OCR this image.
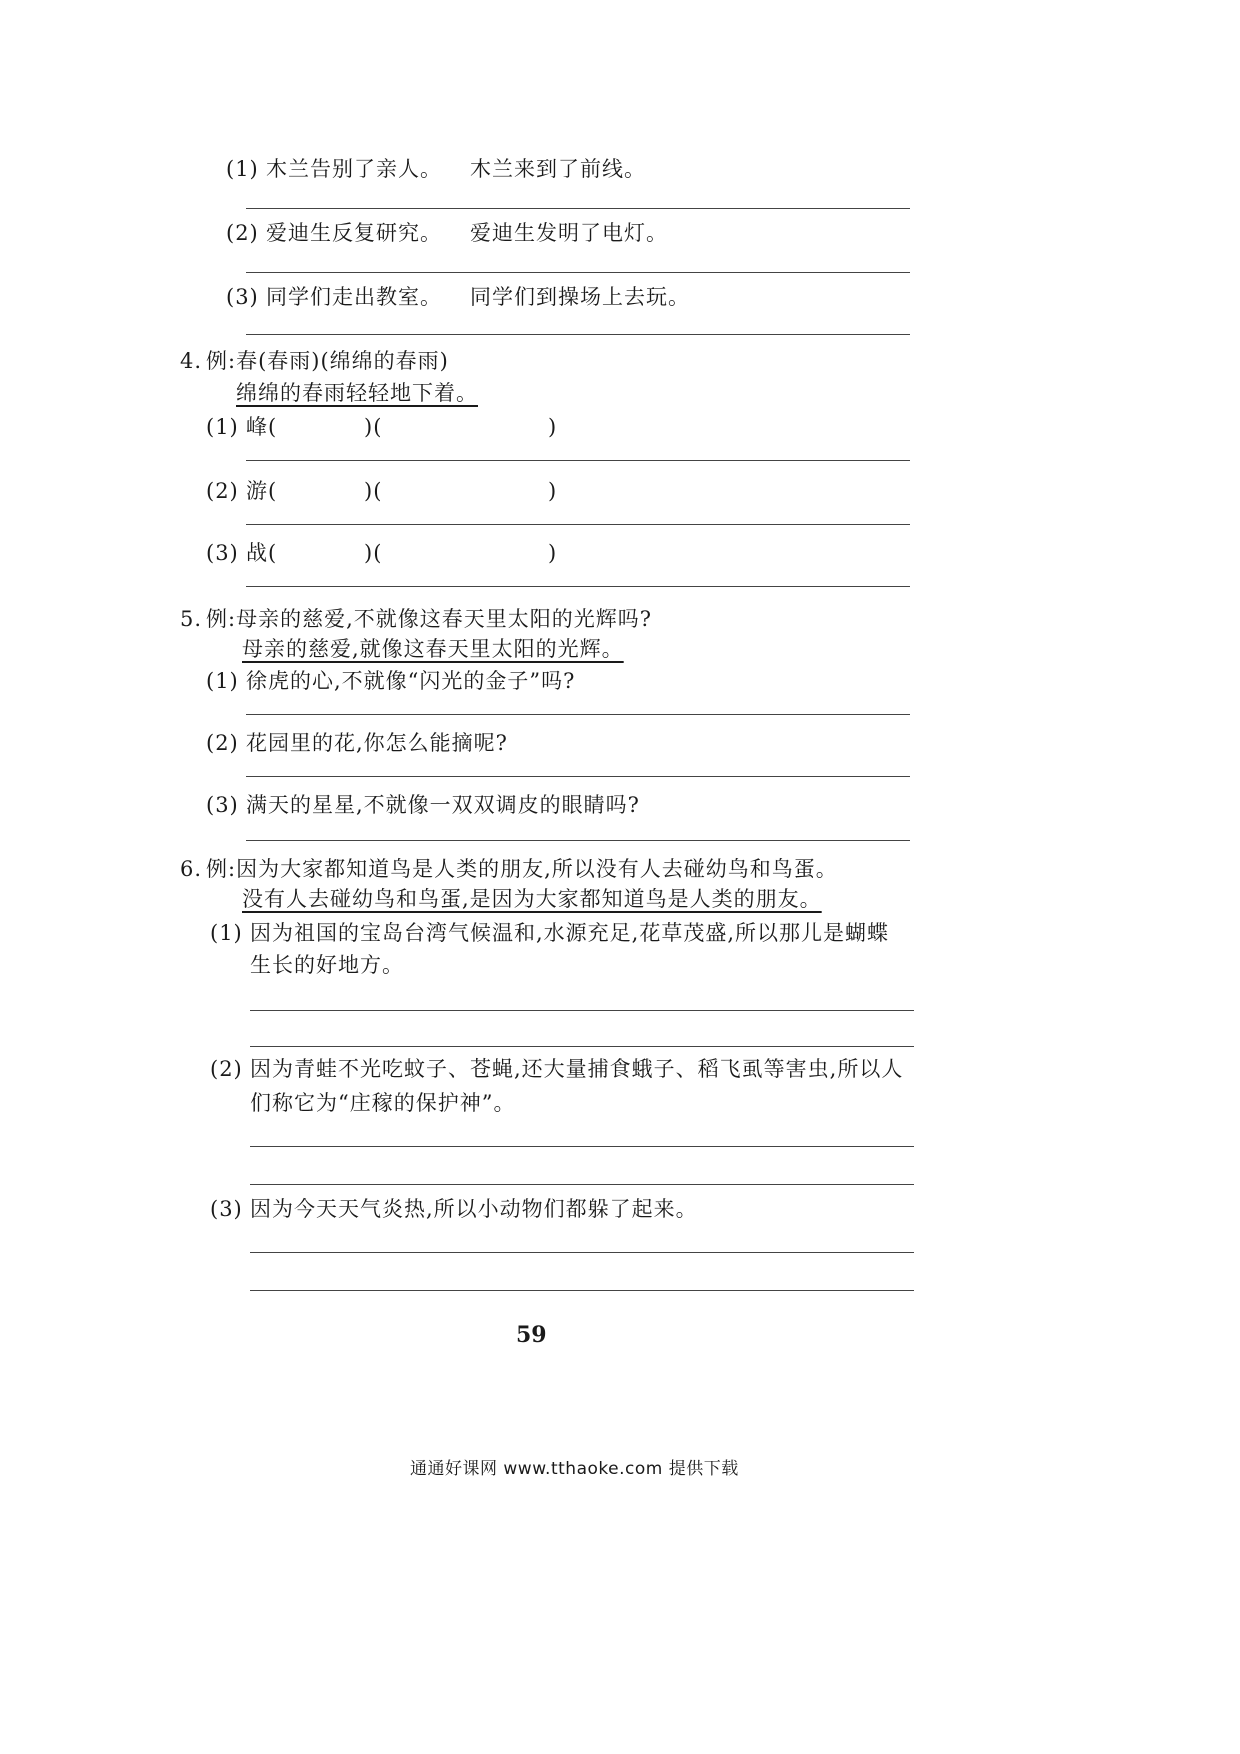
(1) 木兰告别了亲人。 木兰来到了前线。
(2) 爱迪生反复研究。 爱迪生发明了电灯。
(3) 同学们走出教室。 同学们到操场上去玩。
4. 例:春(春雨)(绵绵的春雨)
绵绵的春雨轻轻地下着。
(1) 峰(	)(	)
(2) 游(	)(	)
(3) 战(	)(	)
5. 例:母亲的慈爱,不就像这春天里太阳的光辉吗?
母亲的慈爱,就像这春天里太阳的光辉。
(1) 徐虎的心,不就像“闪光的金子”吗?
(2) 花园里的花,你怎么能摘呢?
(3) 满天的星星,不就像一双双调皮的眼睛吗?
6. 例:因为大家都知道鸟是人类的朋友,所以没有人去碰幼鸟和鸟蛋。
没有人去碰幼鸟和鸟蛋,是因为大家都知道鸟是人类的朋友。
(1) 因为祖国的宝岛台湾气候温和,水源充足,花草茂盛,所以那儿是蝴蝶
生长的好地方。
(2) 因为青蛙不光吃蚊子、苍蝇,还大量捕食蛾子、稻飞虱等害虫,所以人
们称它为“庄稼的保护神”。
(3) 因为今天天气炎热,所以小动物们都躲了起来。
59
通通好课网 www.tthaoke.com 提供下载
